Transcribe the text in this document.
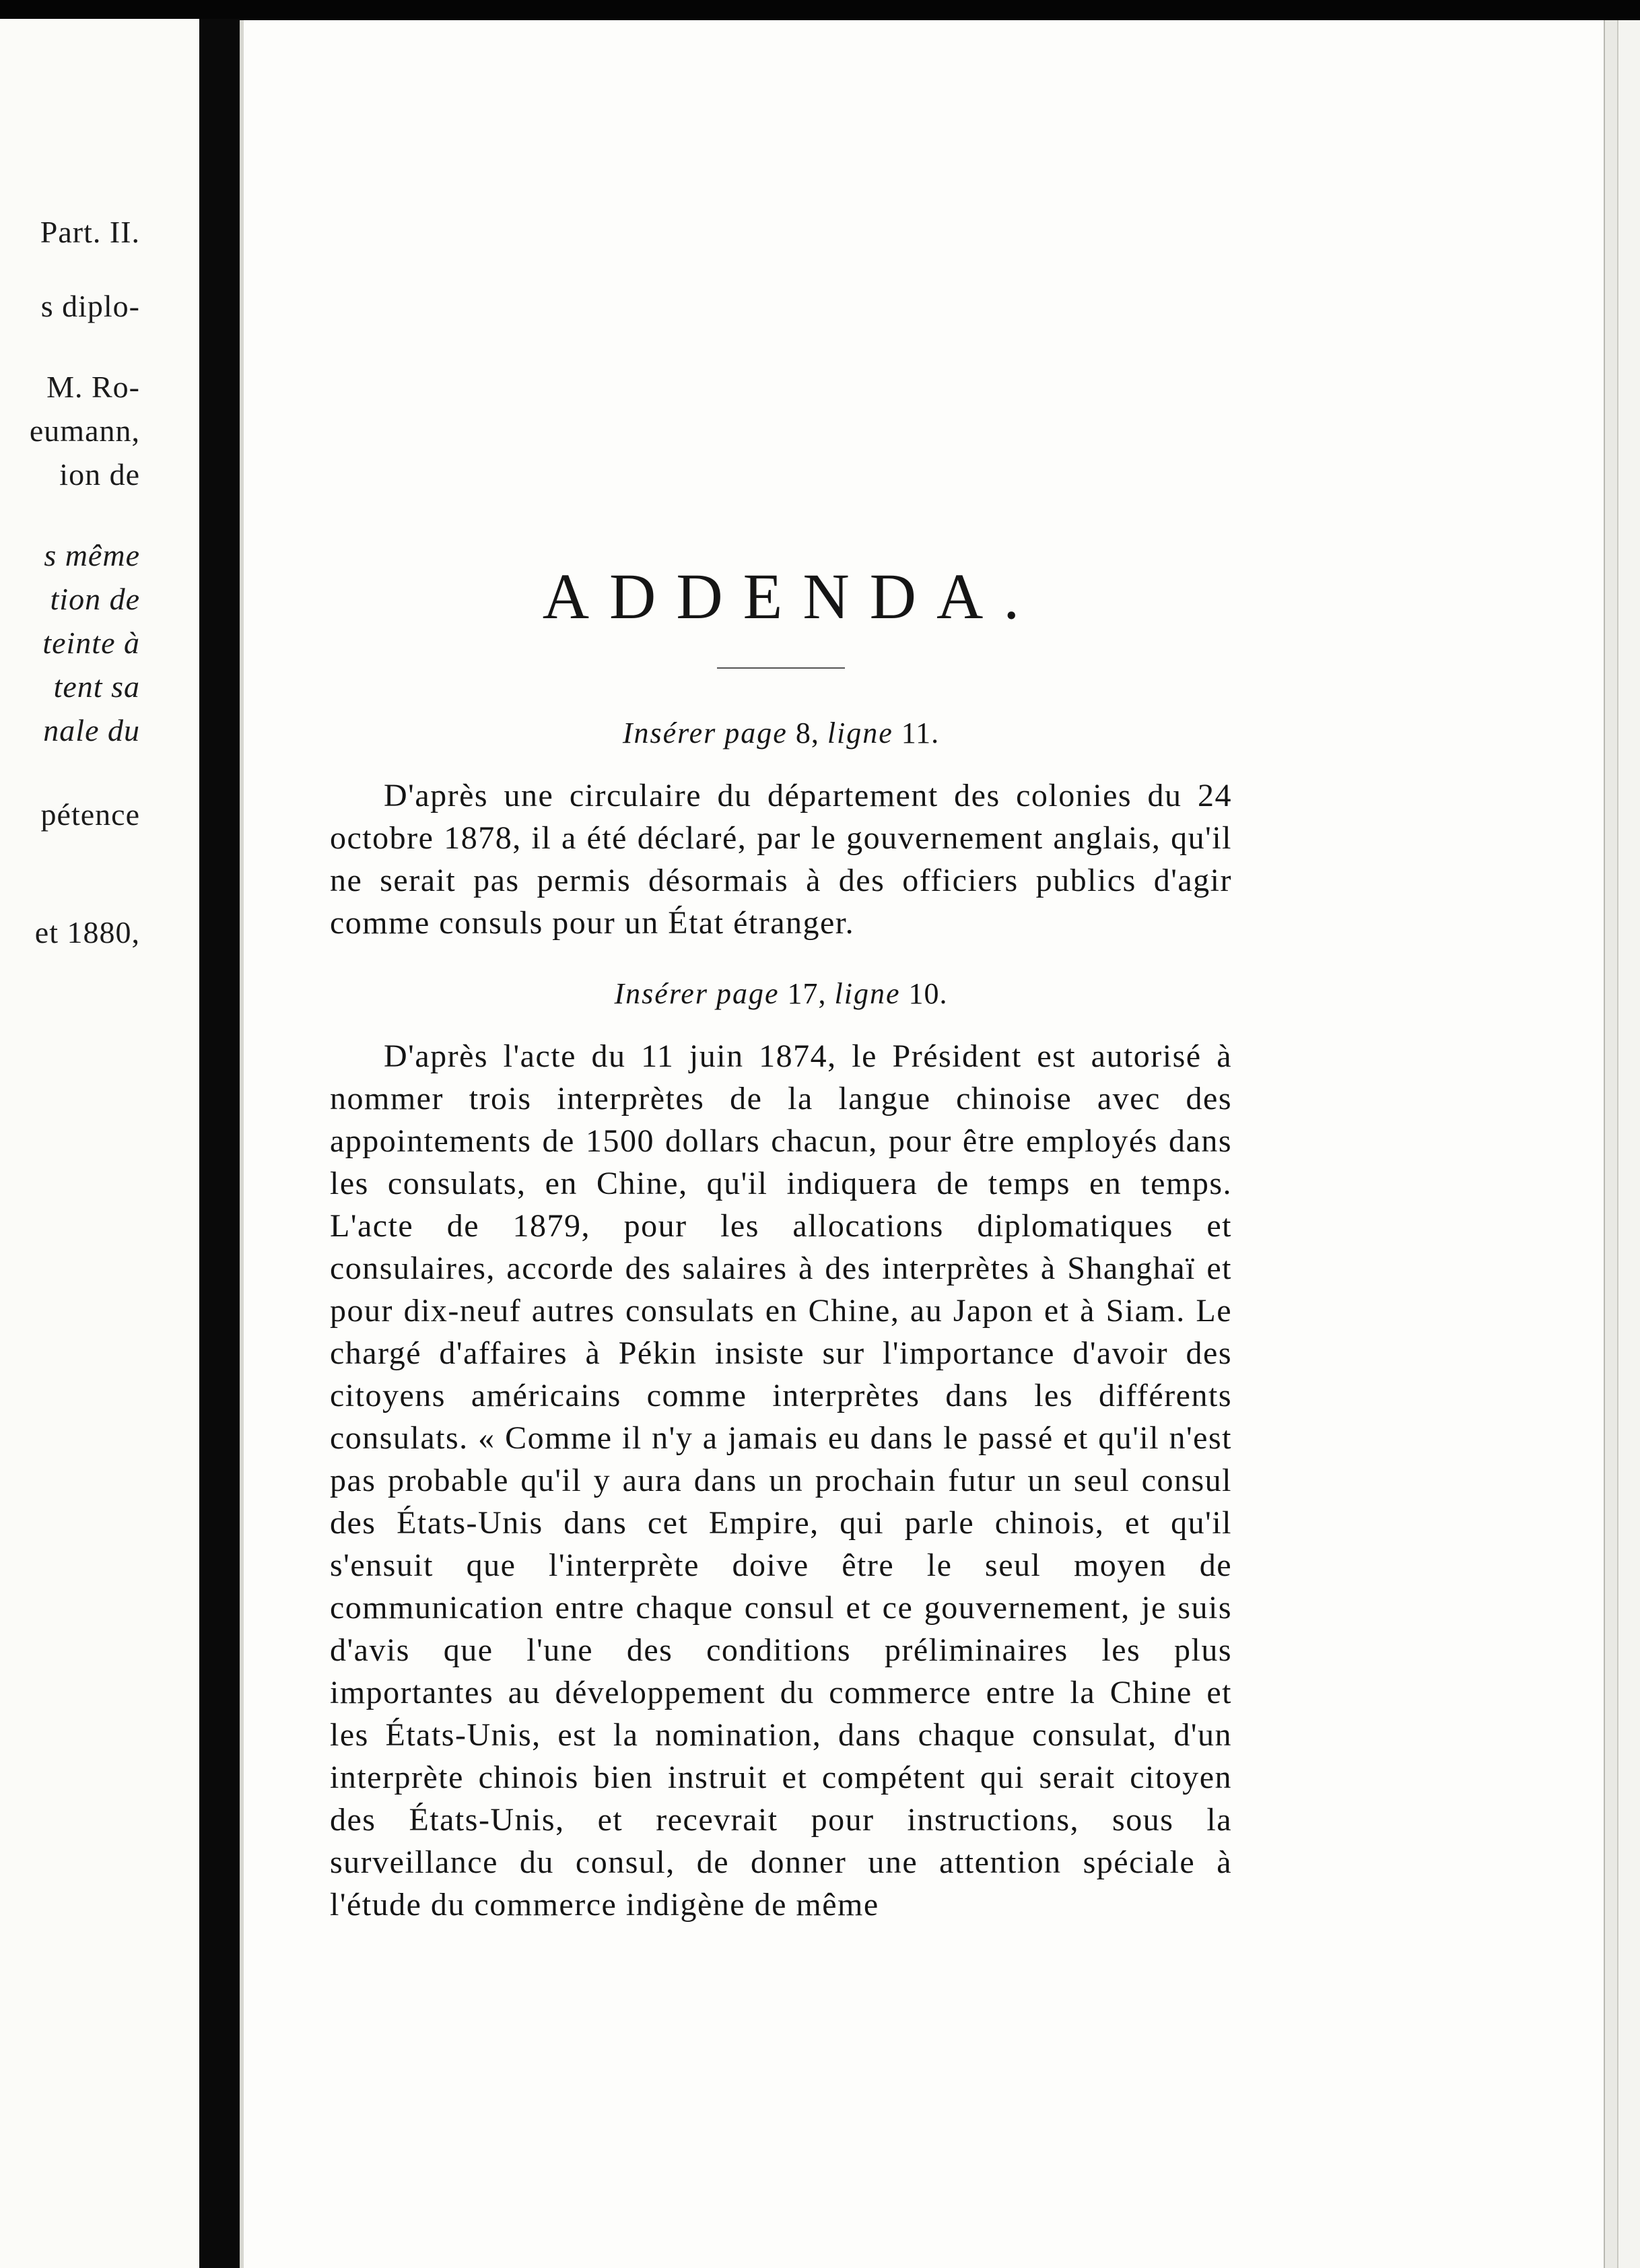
Part. II.
s diplo-
M. Ro-
eumann,
ion de
s même
tion de
teinte à
tent sa
nale du
pétence
et 1880,
ADDENDA.
Insérer page 8, ligne 11.

D'après une circulaire du département des colonies du 24 octobre 1878, il a été déclaré, par le gouvernement anglais, qu'il ne serait pas permis désormais à des officiers publics d'agir comme consuls pour un État étranger.

Insérer page 17, ligne 10.

D'après l'acte du 11 juin 1874, le Président est autorisé à nommer trois interprètes de la langue chinoise avec des appointements de 1500 dollars chacun, pour être employés dans les consulats, en Chine, qu'il indiquera de temps en temps. L'acte de 1879, pour les allocations diplomatiques et consulaires, accorde des salaires à des interprètes à Shanghaï et pour dix-neuf autres consulats en Chine, au Japon et à Siam. Le chargé d'affaires à Pékin insiste sur l'importance d'avoir des citoyens américains comme interprètes dans les différents consulats. « Comme il n'y a jamais eu dans le passé et qu'il n'est pas probable qu'il y aura dans un prochain futur un seul consul des États-Unis dans cet Empire, qui parle chinois, et qu'il s'ensuit que l'interprète doive être le seul moyen de communication entre chaque consul et ce gouvernement, je suis d'avis que l'une des conditions préliminaires les plus importantes au développement du commerce entre la Chine et les États-Unis, est la nomination, dans chaque consulat, d'un interprète chinois bien instruit et compétent qui serait citoyen des États-Unis, et recevrait pour instructions, sous la surveillance du consul, de donner une attention spéciale à l'étude du commerce indigène de même
